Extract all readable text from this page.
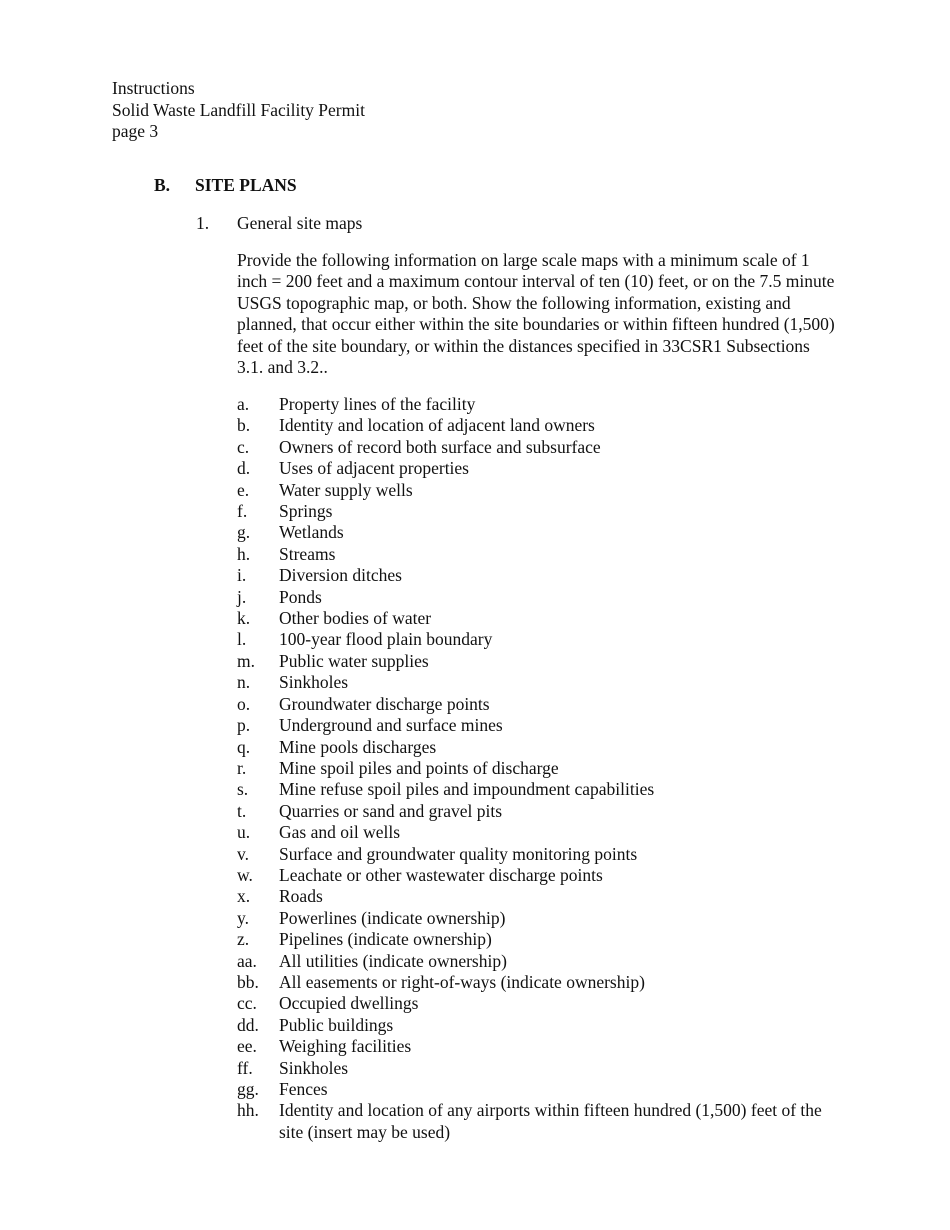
Instructions
Solid Waste Landfill Facility Permit
page 3
B. SITE PLANS
1. General site maps

Provide the following information on large scale maps with a minimum scale of 1 inch = 200 feet and a maximum contour interval of ten (10) feet, or on the 7.5 minute USGS topographic map, or both. Show the following information, existing and planned, that occur either within the site boundaries or within fifteen hundred (1,500) feet of the site boundary, or within the distances specified in 33CSR1 Subsections 3.1. and 3.2..

a.	Property lines of the facility
b.	Identity and location of adjacent land owners
c.	Owners of record both surface and subsurface
d.	Uses of adjacent properties
e.	Water supply wells
f.	Springs
g.	Wetlands
h.	Streams
i.	Diversion ditches
j.	Ponds
k.	Other bodies of water
l.	100-year flood plain boundary
m.	Public water supplies
n.	Sinkholes
o.	Groundwater discharge points
p.	Underground and surface mines
q.	Mine pools discharges
r.	Mine spoil piles and points of discharge
s.	Mine refuse spoil piles and impoundment capabilities
t.	Quarries or sand and gravel pits
u.	Gas and oil wells
v.	Surface and groundwater quality monitoring points
w.	Leachate or other wastewater discharge points
x.	Roads
y.	Powerlines (indicate ownership)
z.	Pipelines (indicate ownership)
aa.	All utilities (indicate ownership)
bb.	All easements or right-of-ways (indicate ownership)
cc.	Occupied dwellings
dd.	Public buildings
ee.	Weighing facilities
ff.	Sinkholes
gg.	Fences
hh.	Identity and location of any airports within fifteen hundred (1,500) feet of the site (insert may be used)
